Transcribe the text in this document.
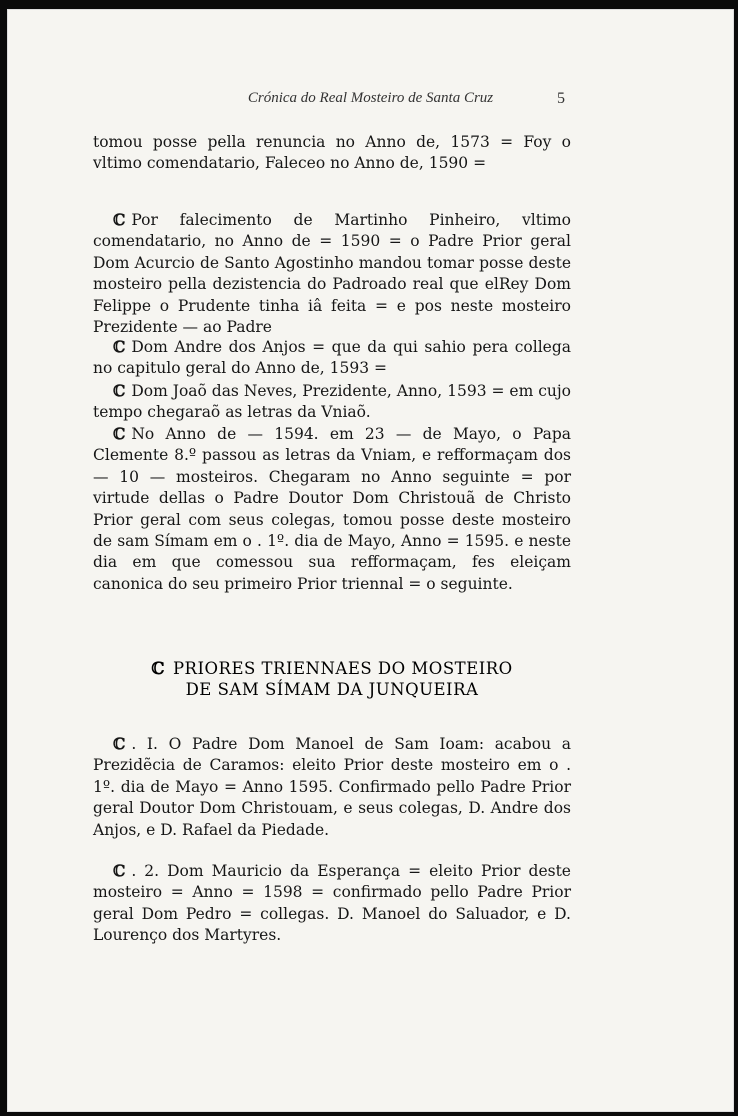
Crónica do Real Mosteiro de Santa Cruz	5

tomou posse pella renuncia no Anno de, 1573 = Foy o vltimo comendatario, Faleceo no Anno de, 1590 =

ℂ Por falecimento de Martinho Pinheiro, vltimo comendatario, no Anno de = 1590 = o Padre Prior geral Dom Acurcio de Santo Agostinho mandou tomar posse deste mosteiro pella dezistencia do Padroado real que elRey Dom Felippe o Prudente tinha iâ feita = e pos neste mosteiro Prezidente — ao Padre

ℂ Dom Andre dos Anjos = que da qui sahio pera collega no capitulo geral do Anno de, 1593 =

ℂ Dom Joaõ das Neves, Prezidente, Anno, 1593 = em cujo tempo chegaraõ as letras da Vniaõ.

ℂ No Anno de — 1594. em 23 — de Mayo, o Papa Clemente 8.º passou as letras da Vniam, e refformaçam dos — 10 — mosteiros. Chegaram no Anno seguinte = por virtude dellas o Padre Doutor Dom Christouã de Christo Prior geral com seus colegas, tomou posse deste mosteiro de sam Símam em o . 1º. dia de Mayo, Anno = 1595. e neste dia em que comessou sua refformaçam, fes eleiçam canonica do seu primeiro Prior triennal = o seguinte.

ℂ PRIORES TRIENNAES DO MOSTEIRO
DE SAM SÍMAM DA JUNQUEIRA

ℂ . I. O Padre Dom Manoel de Sam Ioam: acabou a Prezidẽcia de Caramos: eleito Prior deste mosteiro em o . 1º. dia de Mayo = Anno 1595. Confirmado pello Padre Prior geral Doutor Dom Christouam, e seus colegas, D. Andre dos Anjos, e D. Rafael da Piedade.

ℂ . 2. Dom Mauricio da Esperança = eleito Prior deste mosteiro = Anno = 1598 = confirmado pello Padre Prior geral Dom Pedro = collegas. D. Manoel do Saluador, e D. Lourenço dos Martyres.
